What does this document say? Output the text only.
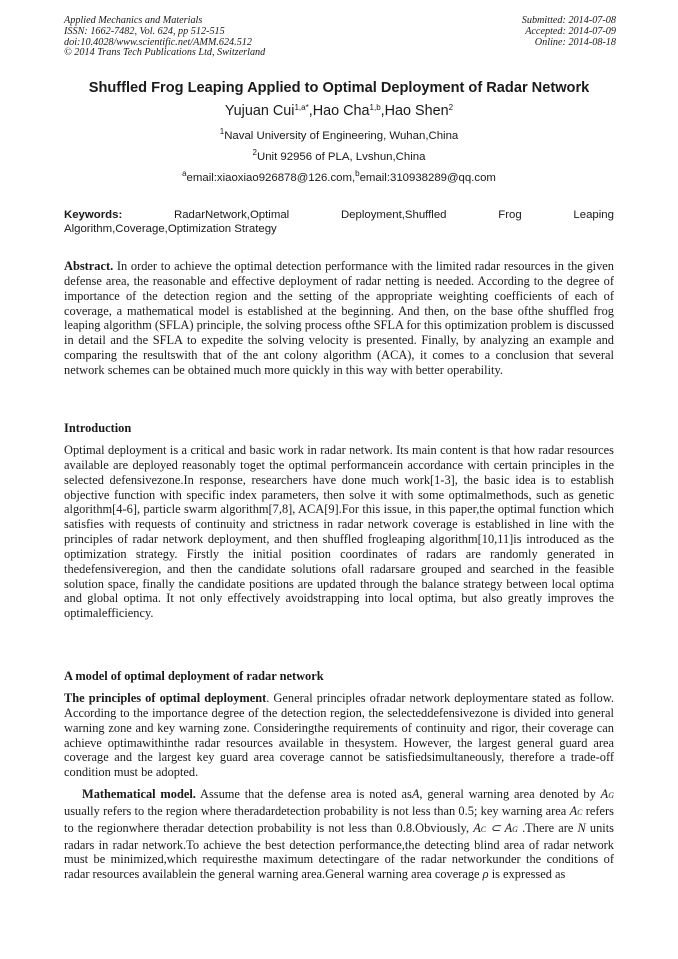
Applied Mechanics and Materials
ISSN: 1662-7482, Vol. 624, pp 512-515
doi:10.4028/www.scientific.net/AMM.624.512
© 2014 Trans Tech Publications Ltd, Switzerland
Submitted: 2014-07-08
Accepted: 2014-07-09
Online: 2014-08-18
Shuffled Frog Leaping Applied to Optimal Deployment of Radar Network
Yujuan Cui$^{1,a*}$,Hao Cha$^{1,b}$,Hao Shen$^2$
$^1$Naval University of Engineering, Wuhan,China
$^2$Unit 92956 of PLA, Lvshun,China
$^a$email:xiaoxiao926878@126.com,$^b$email:310938289@qq.com
Keywords:	RadarNetwork,Optimal	Deployment,Shuffled	Frog	Leaping
Algorithm,Coverage,Optimization Strategy
Abstract. In order to achieve the optimal detection performance with the limited radar resources in the given defense area, the reasonable and effective deployment of radar netting is needed. According to the degree of importance of the detection region and the setting of the appropriate weighting coefficients of each of coverage, a mathematical model is established at the beginning. And then, on the base ofthe shuffled frog leaping algorithm (SFLA) principle, the solving process ofthe SFLA for this optimization problem is discussed in detail and the SFLA to expedite the solving velocity is presented. Finally, by analyzing an example and comparing the resultswith that of the ant colony algorithm (ACA), it comes to a conclusion that several network schemes can be obtained much more quickly in this way with better operability.
Introduction
Optimal deployment is a critical and basic work in radar network. Its main content is that how radar resources available are deployed reasonably toget the optimal performancein accordance with certain principles in the selected defensivezone.In response, researchers have done much work[1-3], the basic idea is to establish objective function with specific index parameters, then solve it with some optimalmethods, such as genetic algorithm[4-6], particle swarm algorithm[7,8], ACA[9].For this issue, in this paper,the optimal function which satisfies with requests of continuity and strictness in radar network coverage is established in line with the principles of radar network deployment, and then shuffled frogleaping algorithm[10,11]is introduced as the optimization strategy. Firstly the initial position coordinates of radars are randomly generated in thedefensiveregion, and then the candidate solutions ofall radarsare grouped and searched in the feasible solution space, finally the candidate positions are updated through the balance strategy between local optima and global optima. It not only effectively avoidstrapping into local optima, but also greatly improves the optimalefficiency.
A model of optimal deployment of radar network
The principles of optimal deployment. General principles ofradar network deploymentare stated as follow. According to the importance degree of the detection region, the selecteddefensivezone is divided into general warning zone and key warning zone. Consideringthe requirements of continuity and rigor, their coverage can achieve optimawithinthe radar resources available in thesystem. However, the largest general guard area coverage and the largest key guard area coverage cannot be satisfiedsimultaneously, therefore a trade-off condition must be adopted.
Mathematical model. Assume that the defense area is noted asA, general warning area denoted by AG usually refers to the region where theradardetection probability is not less than 0.5; key warning area AC refers to the regionwhere theradar detection probability is not less than 0.8.Obviously, AC ⊂ AG .There are N units radars in radar network.To achieve the best detection performance,the detecting blind area of radar network must be minimized,which requiresthe maximum detectingare of the radar networkunder the conditions of radar resources availablein the general warning area.General warning area coverage ρ is expressed as
